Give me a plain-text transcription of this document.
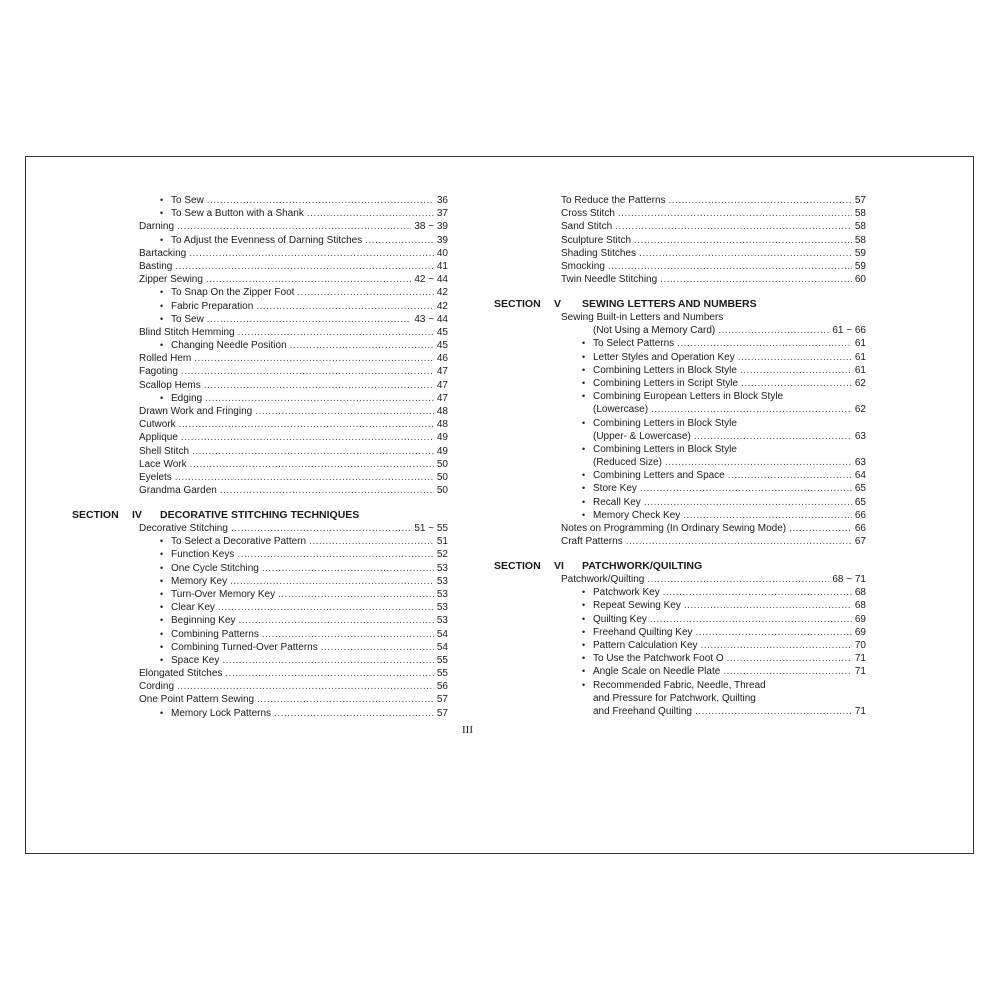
• To Sew .....	36
• To Sew a Button with a Shank .....	37
Darning .....	38 ~ 39
• To Adjust the Evenness of Darning Stitches .....	39
Bartacking .....	40
Basting .....	41
Zipper Sewing .....	42 ~ 44
• To Snap On the Zipper Foot .....	42
• Fabric Preparation .....	42
• To Sew .....	43 ~ 44
Blind Stitch Hemming .....	45
• Changing Needle Position .....	45
Rolled Hem .....	46
Fagoting .....	47
Scallop Hems .....	47
• Edging .....	47
Drawn Work and Fringing .....	48
Cutwork .....	48
Applique .....	49
Shell Stitch .....	49
Lace Work .....	50
Eyelets .....	50
Grandma Garden .....	50
SECTION IV DECORATIVE STITCHING TECHNIQUES
Decorative Stitching .....	51 ~ 55
• To Select a Decorative Pattern .....	51
• Function Keys .....	52
• One Cycle Stitching .....	53
• Memory Key .....	53
• Turn-Over Memory Key .....	53
• Clear Key .....	53
• Beginning Key .....	53
• Combining Patterns .....	54
• Combining Turned-Over Patterns .....	54
• Space Key .....	55
Elongated Stitches .....	55
Cording .....	56
One Point Pattern Sewing .....	57
• Memory Lock Patterns .....	57
To Reduce the Patterns .....	57
Cross Stitch .....	58
Sand Stitch .....	58
Sculpture Stitch .....	58
Shading Stitches .....	59
Smocking .....	59
Twin Needle Stitching .....	60
SECTION V SEWING LETTERS AND NUMBERS
Sewing Built-in Letters and Numbers
(Not Using a Memory Card) .....	61 ~ 66
• To Select Patterns .....	61
• Letter Styles and Operation Key .....	61
• Combining Letters in Block Style .....	61
• Combining Letters in Script Style .....	62
• Combining European Letters in Block Style
(Lowercase) .....	62
• Combining Letters in Block Style
(Upper- & Lowercase) .....	63
• Combining Letters in Block Style
(Reduced Size) .....	63
• Combining Letters and Space .....	64
• Store Key .....	65
• Recall Key .....	65
• Memory Check Key .....	66
Notes on Programming (In Ordinary Sewing Mode) .....	66
Craft Patterns .....	67
SECTION VI PATCHWORK/QUILTING
Patchwork/Quilting .....	68 ~ 71
• Patchwork Key .....	68
• Repeat Sewing Key .....	68
• Quilting Key .....	69
• Freehand Quilting Key .....	69
• Pattern Calculation Key .....	70
• To Use the Patchwork Foot O .....	71
• Angle Scale on Needle Plate .....	71
• Recommended Fabric, Needle, Thread
and Pressure for Patchwork, Quilting
and Freehand Quilting .....	71
III
